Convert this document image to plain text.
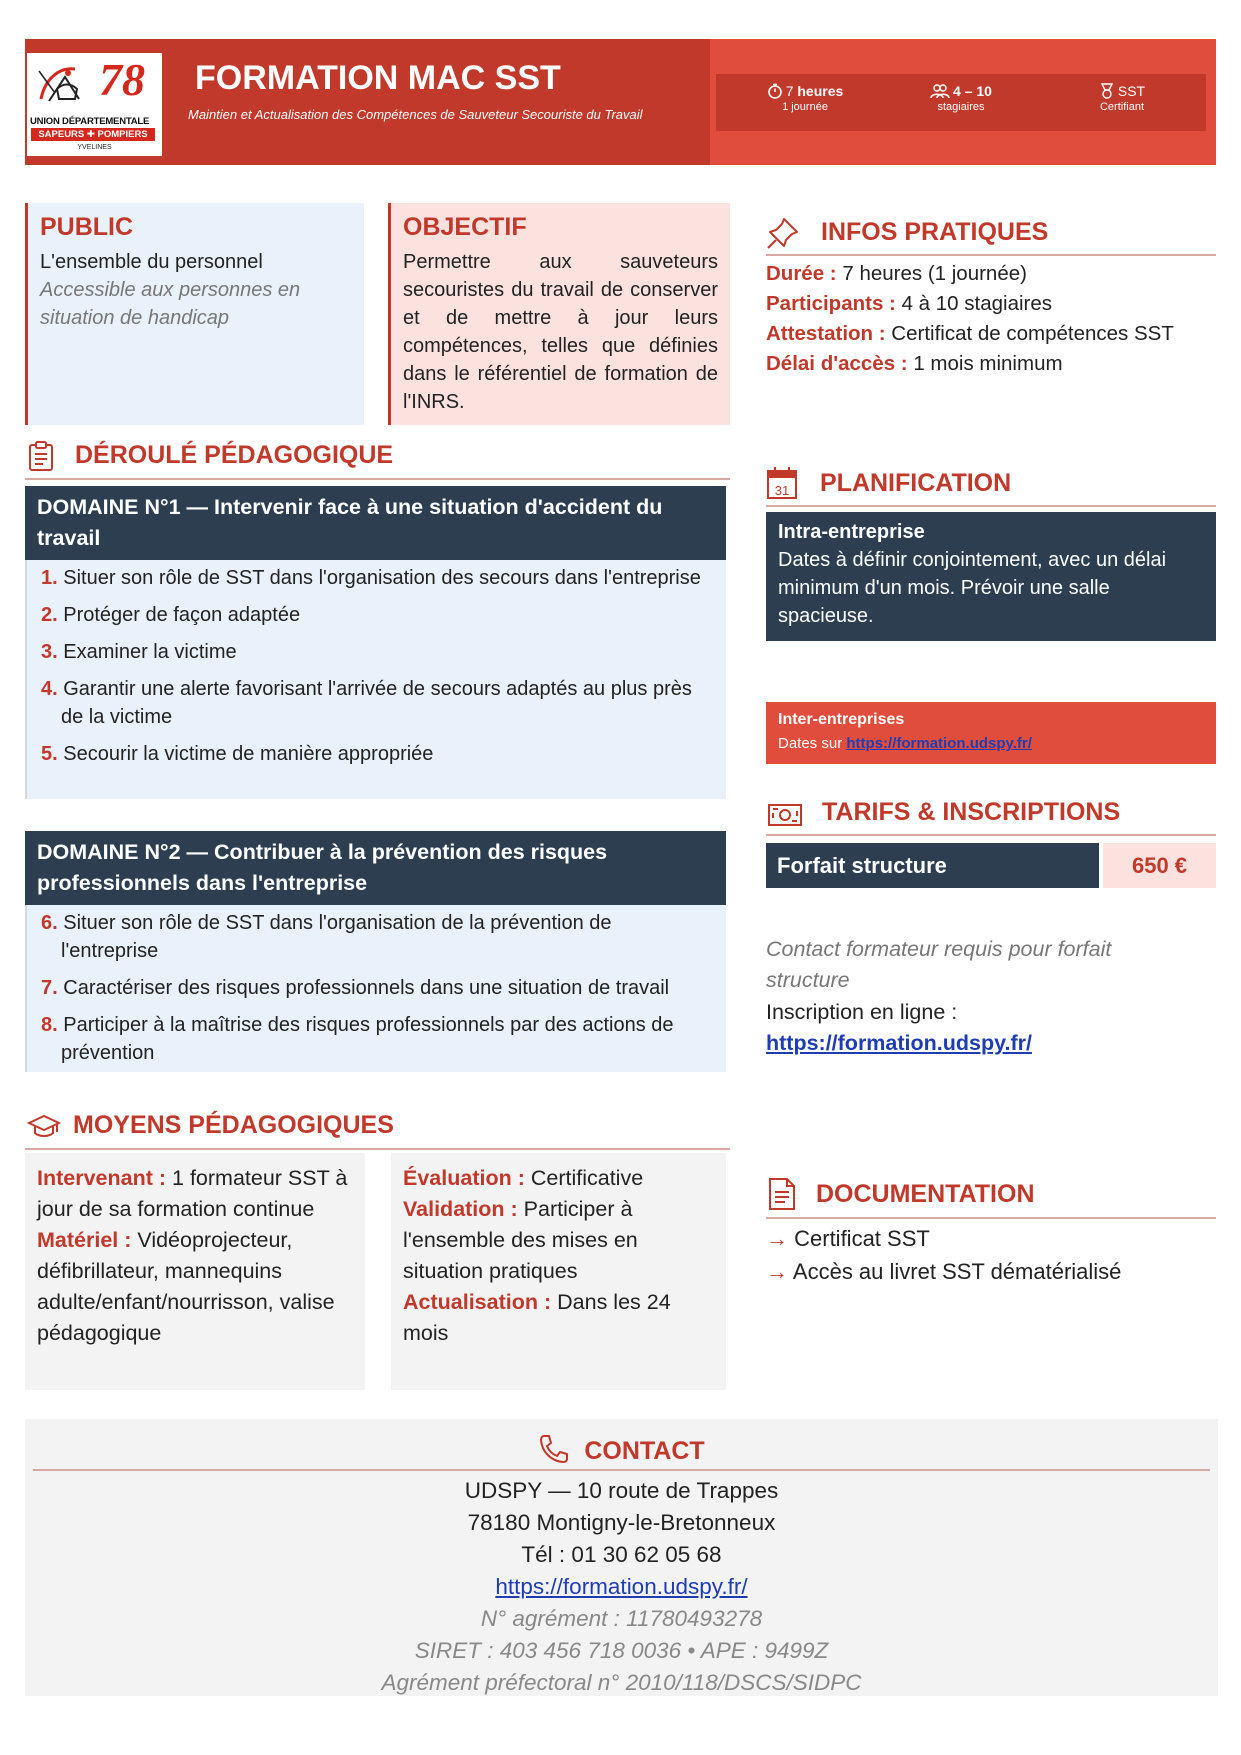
78
UNION DÉPARTEMENTALE
SAPEURS ✚ POMPIERS
YVELINES
FORMATION MAC SST
Maintien et Actualisation des Compétences de Sauveteur Secouriste du Travail
7 heures
1 journée
4 – 10
stagiaires
SST
Certifiant
PUBLIC
L'ensemble du personnel
Accessible aux personnes en situation de handicap
OBJECTIF
Permettre aux sauveteurs secouristes du travail de conserver et de mettre à jour leurs compétences, telles que définies dans le référentiel de formation de l'INRS.
DÉROULÉ PÉDAGOGIQUE
DOMAINE N°1 — Intervenir face à une situation d'accident du travail
1. Situer son rôle de SST dans l'organisation des secours dans l'entreprise
2. Protéger de façon adaptée
3. Examiner la victime
4. Garantir une alerte favorisant l'arrivée de secours adaptés au plus près de la victime
5. Secourir la victime de manière appropriée
DOMAINE N°2 — Contribuer à la prévention des risques professionnels dans l'entreprise
6. Situer son rôle de SST dans l'organisation de la prévention de l'entreprise
7. Caractériser des risques professionnels dans une situation de travail
8. Participer à la maîtrise des risques professionnels par des actions de prévention
MOYENS PÉDAGOGIQUES
Intervenant : 1 formateur SST à jour de sa formation continue
Matériel : Vidéoprojecteur, défibrillateur, mannequins adulte/enfant/nourrisson, valise pédagogique
Évaluation : Certificative
Validation : Participer à l'ensemble des mises en situation pratiques
Actualisation : Dans les 24 mois
INFOS PRATIQUES
Durée : 7 heures (1 journée)
Participants : 4 à 10 stagiaires
Attestation : Certificat de compétences SST
Délai d'accès : 1 mois minimum
31 PLANIFICATION
Intra-entreprise
Dates à définir conjointement, avec un délai minimum d'un mois. Prévoir une salle spacieuse.
Inter-entreprises
Dates sur https://formation.udspy.fr/
TARIFS & INSCRIPTIONS
Forfait structure	650 €
Contact formateur requis pour forfait structure
Inscription en ligne :
https://formation.udspy.fr/
DOCUMENTATION
→ Certificat SST
→ Accès au livret SST dématérialisé
CONTACT
UDSPY — 10 route de Trappes
78180 Montigny-le-Bretonneux
Tél : 01 30 62 05 68
https://formation.udspy.fr/
N° agrément : 11780493278
SIRET : 403 456 718 0036 • APE : 9499Z
Agrément préfectoral n° 2010/118/DSCS/SIDPC
